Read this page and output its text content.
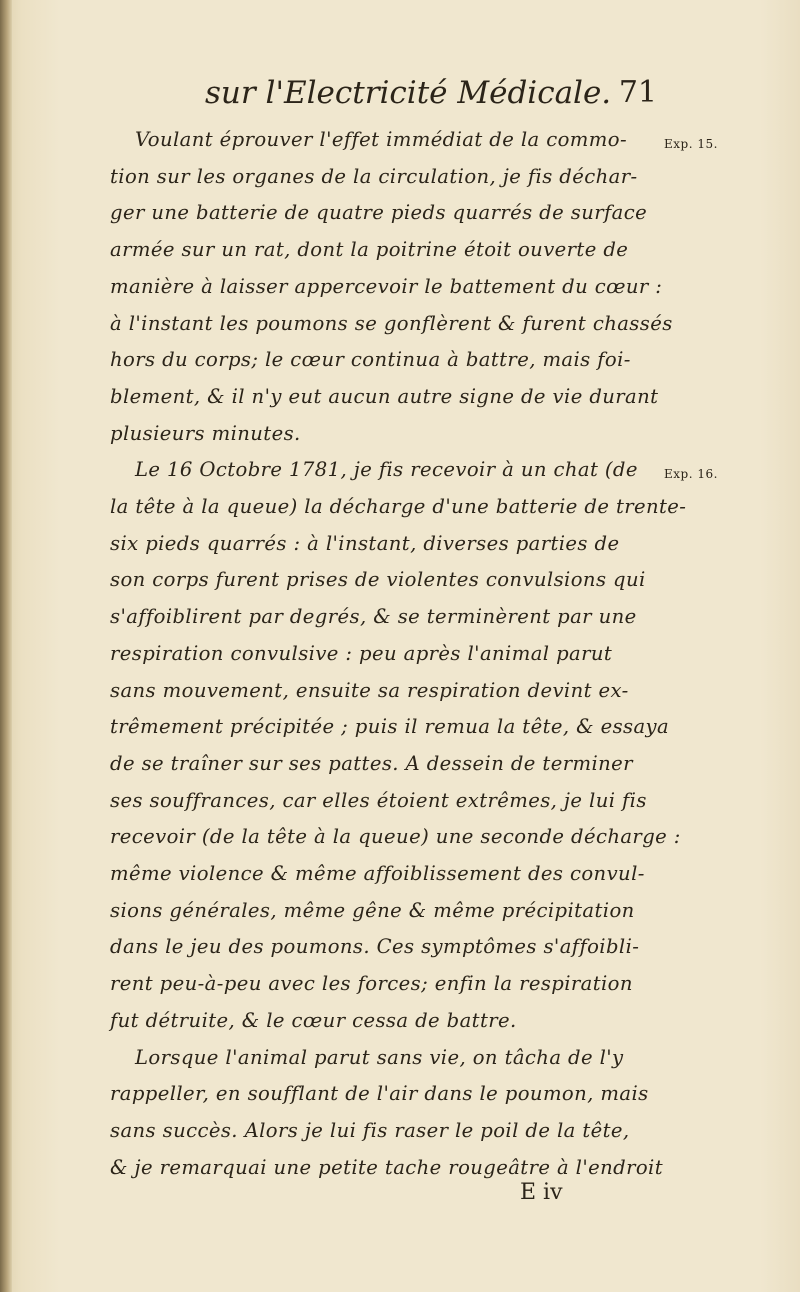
sur l'Electricité Médicale. 71
Exp. 15.
Exp. 16.
Voulant éprouver l'effet immédiat de la commo-
tion sur les organes de la circulation, je fis déchar-
ger une batterie de quatre pieds quarrés de surface
armée sur un rat, dont la poitrine étoit ouverte de
manière à laisser appercevoir le battement du cœur :
à l'instant les poumons se gonflèrent & furent chassés
hors du corps; le cœur continua à battre, mais foi-
blement, & il n'y eut aucun autre signe de vie durant
plusieurs minutes.
Le 16 Octobre 1781, je fis recevoir à un chat (de
la tête à la queue) la décharge d'une batterie de trente-
six pieds quarrés : à l'instant, diverses parties de
son corps furent prises de violentes convulsions qui
s'affoiblirent par degrés, & se terminèrent par une
respiration convulsive : peu après l'animal parut
sans mouvement, ensuite sa respiration devint ex-
trêmement précipitée ; puis il remua la tête, & essaya
de se traîner sur ses pattes. A dessein de terminer
ses souffrances, car elles étoient extrêmes, je lui fis
recevoir (de la tête à la queue) une seconde décharge :
même violence & même affoiblissement des convul-
sions générales, même gêne & même précipitation
dans le jeu des poumons. Ces symptômes s'affoibli-
rent peu-à-peu avec les forces; enfin la respiration
fut détruite, & le cœur cessa de battre.
Lorsque l'animal parut sans vie, on tâcha de l'y
rappeller, en soufflant de l'air dans le poumon, mais
sans succès. Alors je lui fis raser le poil de la tête,
& je remarquai une petite tache rougeâtre à l'endroit
E iv
